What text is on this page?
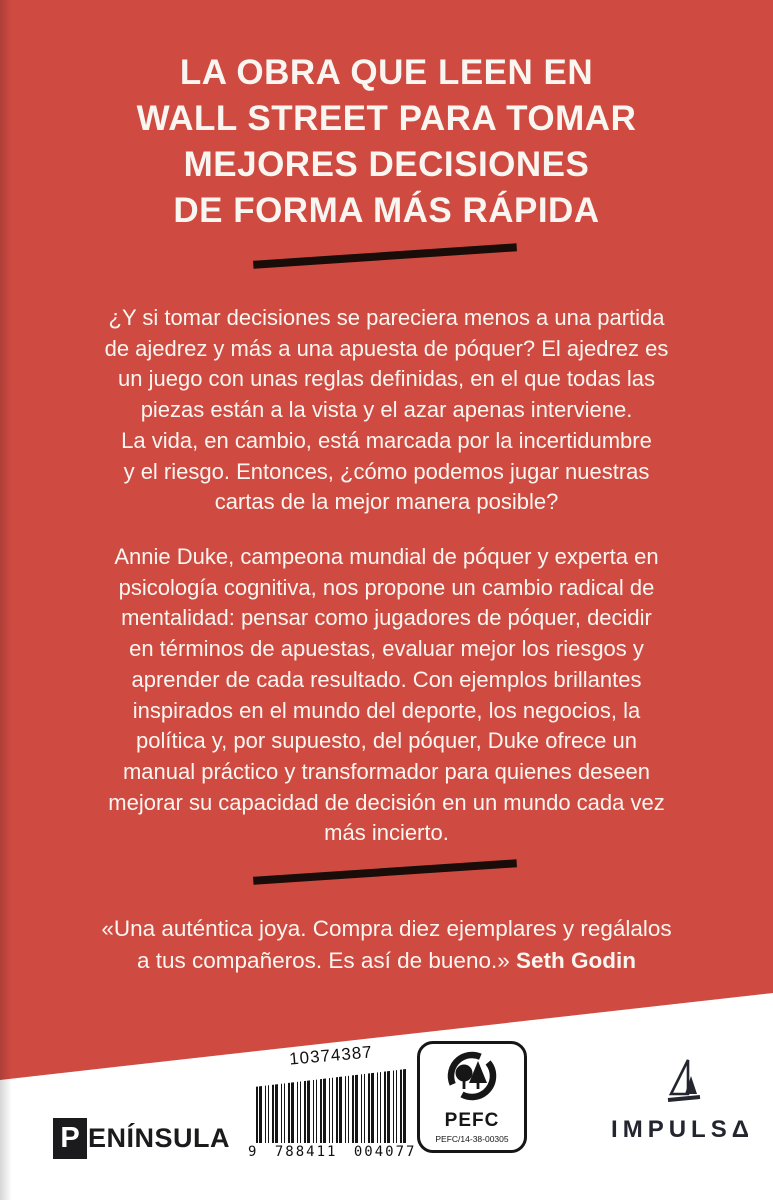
LA OBRA QUE LEEN EN
WALL STREET PARA TOMAR
MEJORES DECISIONES
DE FORMA MÁS RÁPIDA
¿Y si tomar decisiones se pareciera menos a una partida
de ajedrez y más a una apuesta de póquer? El ajedrez es
un juego con unas reglas definidas, en el que todas las
piezas están a la vista y el azar apenas interviene.
La vida, en cambio, está marcada por la incertidumbre
y el riesgo. Entonces, ¿cómo podemos jugar nuestras
cartas de la mejor manera posible?
Annie Duke, campeona mundial de póquer y experta en
psicología cognitiva, nos propone un cambio radical de
mentalidad: pensar como jugadores de póquer, decidir
en términos de apuestas, evaluar mejor los riesgos y
aprender de cada resultado. Con ejemplos brillantes
inspirados en el mundo del deporte, los negocios, la
política y, por supuesto, del póquer, Duke ofrece un
manual práctico y transformador para quienes deseen
mejorar su capacidad de decisión en un mundo cada vez
más incierto.
«Una auténtica joya. Compra diez ejemplares y regálalos
a tus compañeros. Es así de bueno.» Seth Godin
P ENÍNSULA
10374387
9 788411 004077
PEFC
PEFC/14-38-00305	IMPULSΔ
